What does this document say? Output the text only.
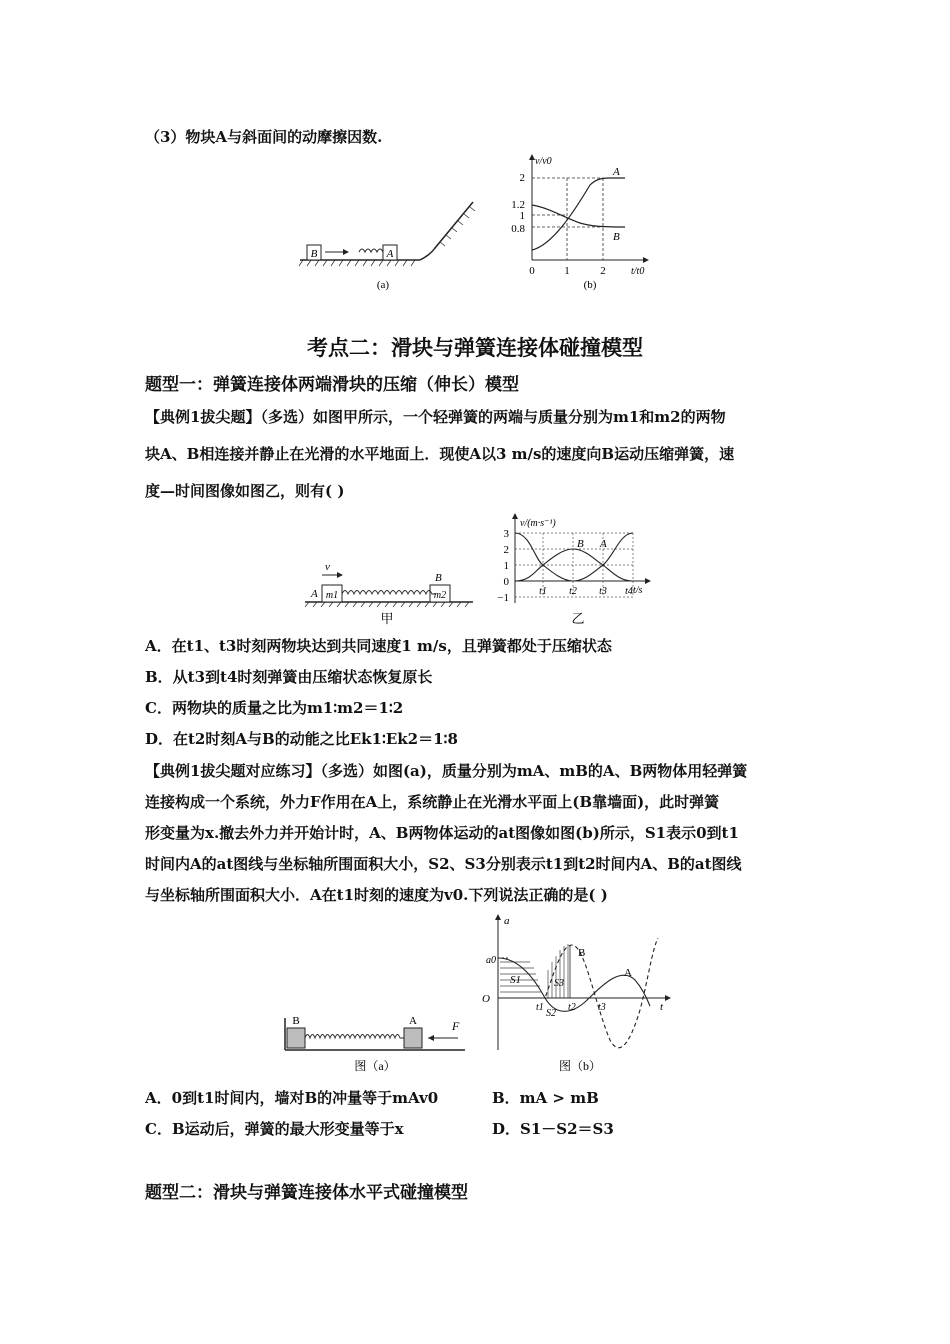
（3）物块A与斜面间的动摩擦因数.
B	A
(a)
v/v0
t/t0
2
1.2
1
0.8
0	1	2
A
B
(b)
考点二：滑块与弹簧连接体碰撞模型
题型一：弹簧连接体两端滑块的压缩（伸长）模型
【典例1拔尖题】（多选）如图甲所示，一个轻弹簧的两端与质量分别为m1和m2的两物
块A、B相连接并静止在光滑的水平地面上．现使A以3 m/s的速度向B运动压缩弹簧，速
度—时间图像如图乙，则有( )
m1	m2
A
B
v
甲
v/(m·s⁻¹)
t/s
3
2
1
0
−1
t1 t2 t3 t4
B A
乙
A．在t1、t3时刻两物块达到共同速度1 m/s，且弹簧都处于压缩状态
B．从t3到t4时刻弹簧由压缩状态恢复原长
C．两物块的质量之比为m1∶m2＝1∶2
D．在t2时刻A与B的动能之比Ek1∶Ek2＝1∶8
【典例1拔尖题对应练习】（多选）如图(a)，质量分别为mA、mB的A、B两物体用轻弹簧
连接构成一个系统，外力F作用在A上，系统静止在光滑水平面上(B靠墙面)，此时弹簧
形变量为x.撤去外力并开始计时，A、B两物体运动的at图像如图(b)所示，S1表示0到t1
时间内A的at图线与坐标轴所围面积大小，S2、S3分别表示t1到t2时间内A、B的at图线
与坐标轴所围面积大小．A在t1时刻的速度为v0.下列说法正确的是( )
B	A	F
图（a）
a
t
O
a0
S1
S2
S3
t1 t2 t3
B
A
图（b）
A．0到t1时间内，墙对B的冲量等于mAv0	B．mA > mB
C．B运动后，弹簧的最大形变量等于x	D．S1－S2＝S3
题型二：滑块与弹簧连接体水平式碰撞模型
